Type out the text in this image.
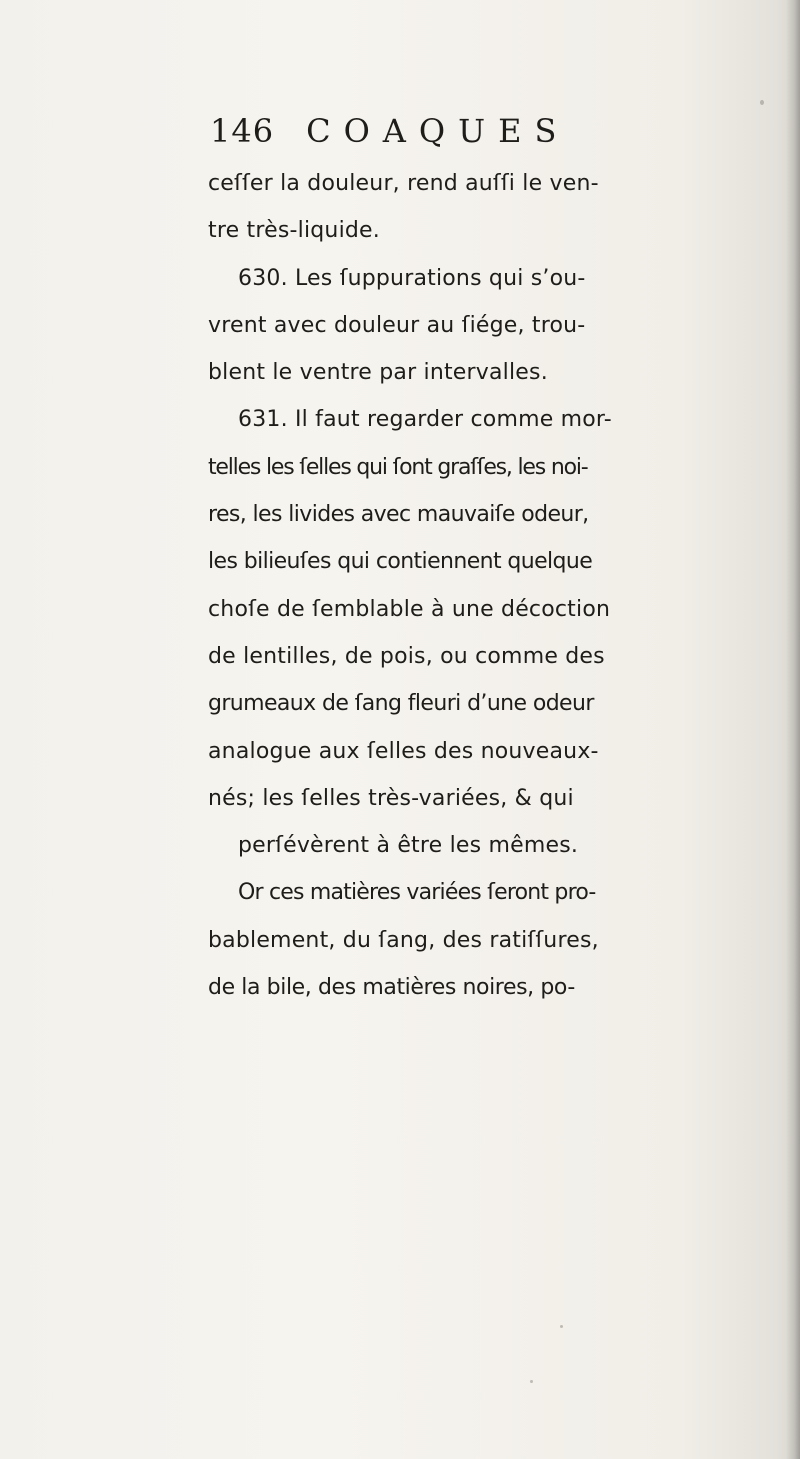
146 COAQUES
ceſſer la douleur, rend auſſi le ven-
tre très-liquide.
630. Les ſuppurations qui s’ou-
vrent avec douleur au ſiége, trou-
blent le ventre par intervalles.
631. Il faut regarder comme mor-
telles les ſelles qui ſont graſſes, les noi-
res, les livides avec mauvaiſe odeur,
les bilieuſes qui contiennent quelque
choſe de ſemblable à une décoction
de lentilles, de pois, ou comme des
grumeaux de ſang fleuri d’une odeur
analogue aux ſelles des nouveaux-
nés; les ſelles très-variées, & qui
perſévèrent à être les mêmes.
Or ces matières variées ſeront pro-
bablement, du ſang, des ratiſſures,
de la bile, des matières noires, po-
